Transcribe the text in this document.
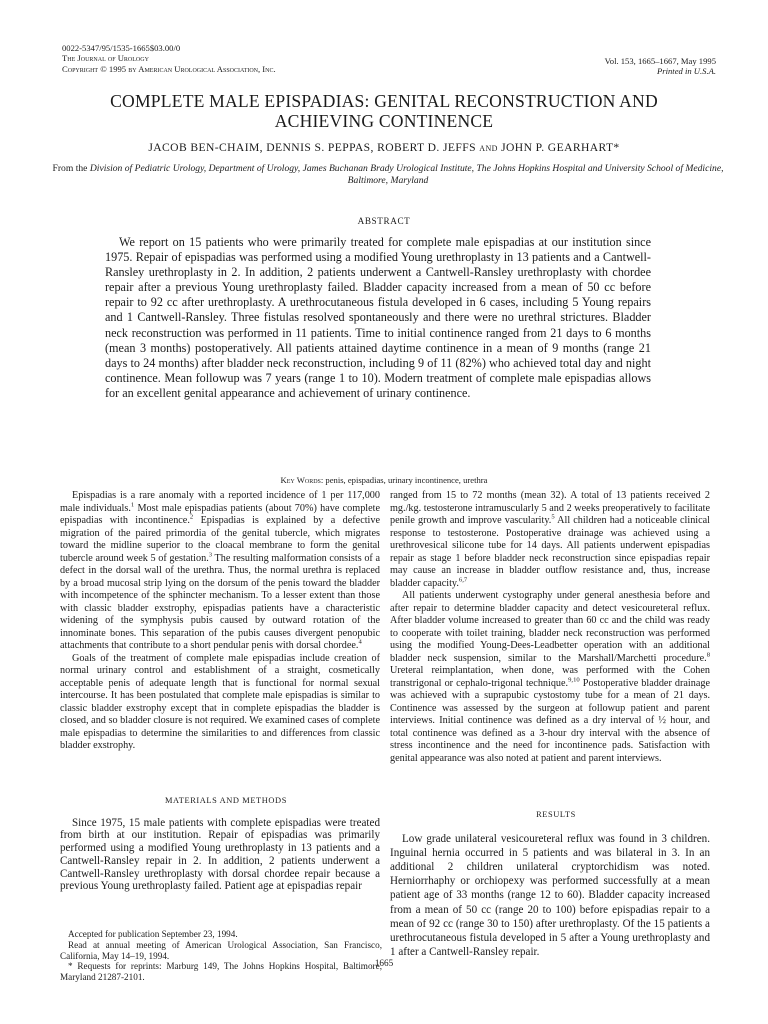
0022-5347/95/1535-1665$03.00/0
The Journal of Urology
Copyright © 1995 by American Urological Association, Inc.
Vol. 153, 1665–1667, May 1995
Printed in U.S.A.
COMPLETE MALE EPISPADIAS: GENITAL RECONSTRUCTION AND
ACHIEVING CONTINENCE
JACOB BEN-CHAIM, DENNIS S. PEPPAS, ROBERT D. JEFFS and JOHN P. GEARHART*
From the Division of Pediatric Urology, Department of Urology, James Buchanan Brady Urological Institute, The Johns Hopkins Hospital and University School of Medicine, Baltimore, Maryland
ABSTRACT

We report on 15 patients who were primarily treated for complete male epispadias at our institution since 1975. Repair of epispadias was performed using a modified Young urethroplasty in 13 patients and a Cantwell-Ransley urethroplasty in 2. In addition, 2 patients underwent a Cantwell-Ransley urethroplasty with chordee repair after a previous Young urethroplasty failed. Bladder capacity increased from a mean of 50 cc before repair to 92 cc after urethroplasty. A urethrocutaneous fistula developed in 6 cases, including 5 Young repairs and 1 Cantwell-Ransley. Three fistulas resolved spontaneously and there were no urethral strictures. Bladder neck reconstruction was performed in 11 patients. Time to initial continence ranged from 21 days to 6 months (mean 3 months) postoperatively. All patients attained daytime continence in a mean of 9 months (range 21 days to 24 months) after bladder neck reconstruction, including 9 of 11 (82%) who achieved total day and night continence. Mean followup was 7 years (range 1 to 10). Modern treatment of complete male epispadias allows for an excellent genital appearance and achievement of urinary continence.

Key Words: penis, epispadias, urinary incontinence, urethra

Epispadias is a rare anomaly with a reported incidence of 1 per 117,000 male individuals.$^1$ Most male epispadias patients (about 70%) have complete epispadias with incontinence.$^2$ Epispadias is explained by a defective migration of the paired primordia of the genital tubercle, which migrates toward the midline superior to the cloacal membrane to form the genital tubercle around week 5 of gestation.$^3$ The resulting malformation consists of a defect in the dorsal wall of the urethra. Thus, the normal urethra is replaced by a broad mucosal strip lying on the dorsum of the penis toward the bladder with incompetence of the sphincter mechanism. To a lesser extent than those with classic bladder exstrophy, epispadias patients have a characteristic widening of the symphysis pubis caused by outward rotation of the innominate bones. This separation of the pubis causes divergent penopubic attachments that contribute to a short pendular penis with dorsal chordee.$^4$

Goals of the treatment of complete male epispadias include creation of normal urinary control and establishment of a straight, cosmetically acceptable penis of adequate length that is functional for normal sexual intercourse. It has been postulated that complete male epispadias is similar to classic bladder exstrophy except that in complete epispadias the bladder is closed, and so bladder closure is not required. We examined cases of complete male epispadias to determine the similarities to and differences from classic bladder exstrophy.

MATERIALS AND METHODS

Since 1975, 15 male patients with complete epispadias were treated from birth at our institution. Repair of epispadias was primarily performed using a modified Young urethroplasty in 13 patients and a Cantwell-Ransley repair in 2. In addition, 2 patients underwent a Cantwell-Ransley urethroplasty with dorsal chordee repair because a previous Young urethroplasty failed. Patient age at epispadias repair

Accepted for publication September 23, 1994.

Read at annual meeting of American Urological Association, San Francisco, California, May 14–19, 1994.

* Requests for reprints: Marburg 149, The Johns Hopkins Hospital, Baltimore, Maryland 21287-2101.

ranged from 15 to 72 months (mean 32). A total of 13 patients received 2 mg./kg. testosterone intramuscularly 5 and 2 weeks preoperatively to facilitate penile growth and improve vascularity.$^5$ All children had a noticeable clinical response to testosterone. Postoperative drainage was achieved using a urethrovesical silicone tube for 14 days. All patients underwent epispadias repair as stage 1 before bladder neck reconstruction since epispadias repair may cause an increase in bladder outflow resistance and, thus, increase bladder capacity.$^{6,7}$

All patients underwent cystography under general anesthesia before and after repair to determine bladder capacity and detect vesicoureteral reflux. After bladder volume increased to greater than 60 cc and the child was ready to cooperate with toilet training, bladder neck reconstruction was performed using the modified Young-Dees-Leadbetter operation with an additional bladder neck suspension, similar to the Marshall/Marchetti procedure.$^8$ Ureteral reimplantation, when done, was performed with the Cohen transtrigonal or cephalo-trigonal technique.$^{9,10}$ Postoperative bladder drainage was achieved with a suprapubic cystostomy tube for a mean of 21 days. Continence was assessed by the surgeon at followup patient and parent interviews. Initial continence was defined as a dry interval of ½ hour, and total continence was defined as a 3-hour dry interval with the absence of stress incontinence and the need for incontinence pads. Satisfaction with genital appearance was also noted at patient and parent interviews.

RESULTS

Low grade unilateral vesicoureteral reflux was found in 3 children. Inguinal hernia occurred in 5 patients and was bilateral in 3. In an additional 2 children unilateral cryptorchidism was noted. Herniorrhaphy or orchiopexy was performed successfully at a mean patient age of 33 months (range 12 to 60). Bladder capacity increased from a mean of 50 cc (range 20 to 100) before epispadias repair to a mean of 92 cc (range 30 to 150) after urethroplasty. Of the 15 patients a urethrocutaneous fistula developed in 5 after a Young urethroplasty and 1 after a Cantwell-Ransley repair.

1665
